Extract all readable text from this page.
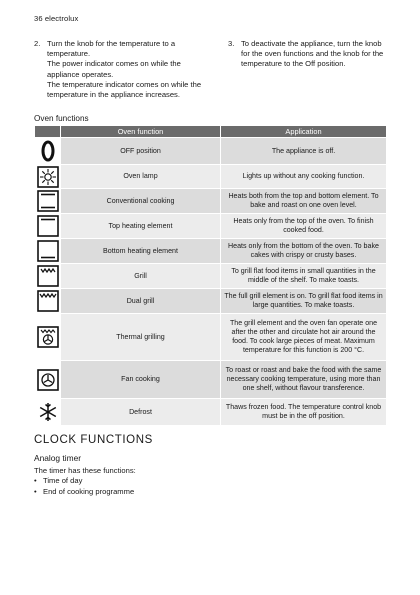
36 electrolux
2. Turn the knob for the temperature to a temperature.

The power indicator comes on while the appliance operates.

The temperature indicator comes on while the temperature in the appliance increases.

3. To deactivate the appliance, turn the knob for the oven functions and the knob for the temperature to the Off position.

Oven functions
	Oven function	Application

	OFF position	The appliance is off.

	Oven lamp	Lights up without any cooking function.

	Conventional cooking	Heats both from the top and bottom element. To bake and roast on one oven level.

	Top heating element	Heats only from the top of the oven. To finish cooked food.

	Bottom heating element	Heats only from the bottom of the oven. To bake cakes with crispy or crusty bases.

	Grill	To grill flat food items in small quantities in the middle of the shelf. To make toasts.

	Dual grill	The full grill element is on. To grill flat food items in large quantities. To make toasts.

	Thermal grilling	The grill element and the oven fan operate one after the other and circulate hot air around the food. To cook large pieces of meat. Maximum temperature for this function is 200 °C.

	Fan cooking	To roast or roast and bake the food with the same necessary cooking temperature, using more than one shelf, without flavour transference.

	Defrost	Thaws frozen food. The temperature control knob must be in the off position.
CLOCK FUNCTIONS
Analog timer
The timer has these functions:
• Time of day
• End of cooking programme
